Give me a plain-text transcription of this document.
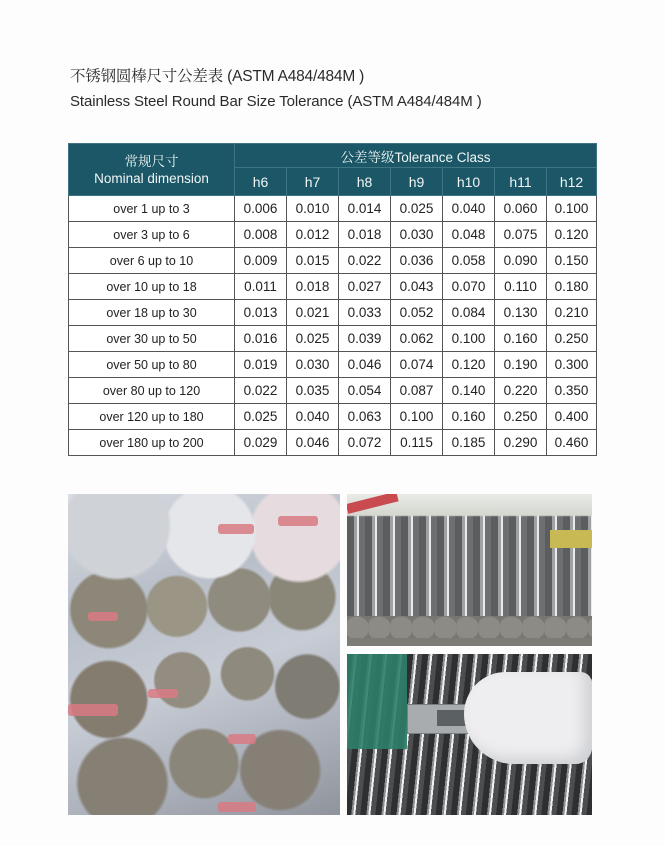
不锈钢圆棒尺寸公差表 (ASTM A484/484M )
Stainless Steel Round Bar Size Tolerance (ASTM A484/484M )
常规尺寸
Nominal dimension	公差等级Tolerance Class						
	h6	h7	h8	h9	h10	h11	h12
over 1 up to 3	0.006	0.010	0.014	0.025	0.040	0.060	0.100
over 3 up to 6	0.008	0.012	0.018	0.030	0.048	0.075	0.120
over 6 up to 10	0.009	0.015	0.022	0.036	0.058	0.090	0.150
over 10 up to 18	0.011	0.018	0.027	0.043	0.070	0.110	0.180
over 18 up to 30	0.013	0.021	0.033	0.052	0.084	0.130	0.210
over 30 up to 50	0.016	0.025	0.039	0.062	0.100	0.160	0.250
over 50 up to 80	0.019	0.030	0.046	0.074	0.120	0.190	0.300
over 80 up to 120	0.022	0.035	0.054	0.087	0.140	0.220	0.350
over 120 up to 180	0.025	0.040	0.063	0.100	0.160	0.250	0.400
over 180 up to 200	0.029	0.046	0.072	0.115	0.185	0.290	0.460
